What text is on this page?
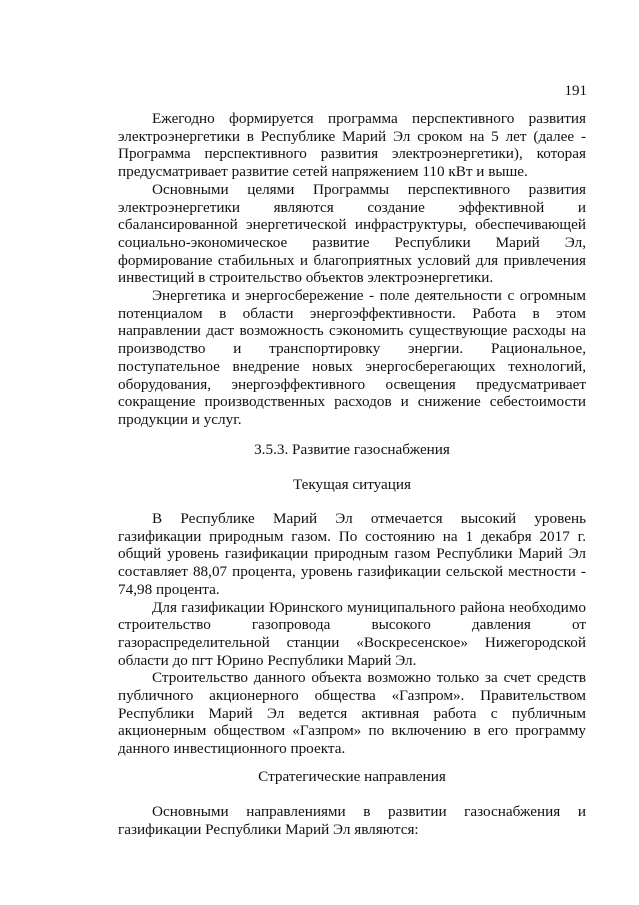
191

Ежегодно формируется программа перспективного развития электроэнергетики в Республике Марий Эл сроком на 5 лет (далее - Программа перспективного развития электроэнергетики), которая предусматривает развитие сетей напряжением 110 кВт и выше.

Основными целями Программы перспективного развития электроэнергетики являются создание эффективной и сбалансированной энергетической инфраструктуры, обеспечивающей социально-экономическое развитие Республики Марий Эл, формирование стабильных и благоприятных условий для привлечения инвестиций в строительство объектов электроэнергетики.

Энергетика и энергосбережение - поле деятельности с огромным потенциалом в области энергоэффективности. Работа в этом направлении даст возможность сэкономить существующие расходы на производство и транспортировку энергии. Рациональное, поступательное внедрение новых энергосберегающих технологий, оборудования, энергоэффективного освещения предусматривает сокращение производственных расходов и снижение себестоимости продукции и услуг.

3.5.3. Развитие газоснабжения
Текущая ситуация

В Республике Марий Эл отмечается высокий уровень газификации природным газом. По состоянию на 1 декабря 2017 г. общий уровень газификации природным газом Республики Марий Эл составляет 88,07 процента, уровень газификации сельской местности - 74,98 процента.

Для газификации Юринского муниципального района необходимо строительство газопровода высокого давления от газораспределительной станции «Воскресенское» Нижегородской области до пгт Юрино Республики Марий Эл.

Строительство данного объекта возможно только за счет средств публичного акционерного общества «Газпром». Правительством Республики Марий Эл ведется активная работа с публичным акционерным обществом «Газпром» по включению в его программу данного инвестиционного проекта.

Стратегические направления

Основными направлениями в развитии газоснабжения и газификации Республики Марий Эл являются:
